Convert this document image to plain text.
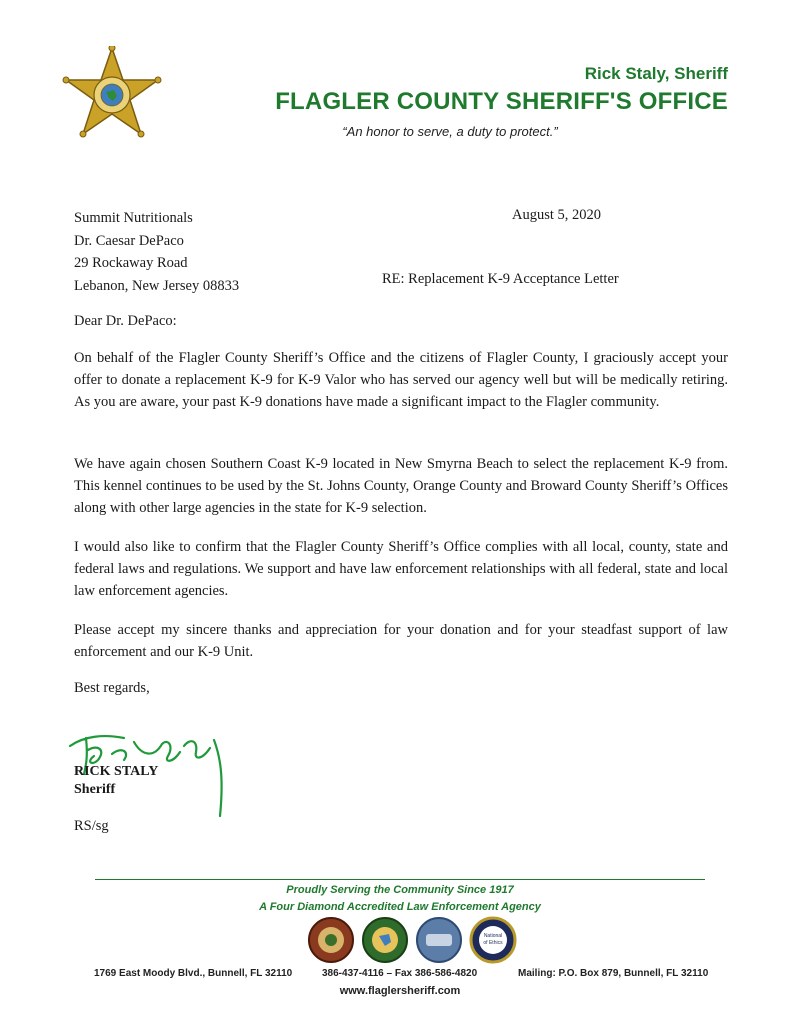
Rick Staly, Sheriff
FLAGLER COUNTY SHERIFF'S OFFICE
“An honor to serve, a duty to protect.”
Summit Nutritionals
Dr. Caesar DePaco
29 Rockaway Road
Lebanon, New Jersey 08833
August 5, 2020
RE: Replacement K-9 Acceptance Letter
Dear Dr. DePaco:
On behalf of the Flagler County Sheriff’s Office and the citizens of Flagler County, I graciously accept your offer to donate a replacement K-9 for K-9 Valor who has served our agency well but will be medically retiring. As you are aware, your past K-9 donations have made a significant impact to the Flagler community.
We have again chosen Southern Coast K-9 located in New Smyrna Beach to select the replacement K-9 from. This kennel continues to be used by the St. Johns County, Orange County and Broward County Sheriff’s Offices along with other large agencies in the state for K-9 selection.
I would also like to confirm that the Flagler County Sheriff’s Office complies with all local, county, state and federal laws and regulations. We support and have law enforcement relationships with all federal, state and local law enforcement agencies.
Please accept my sincere thanks and appreciation for your donation and for your steadfast support of law enforcement and our K-9 Unit.
Best regards,
RICK STALY
Sheriff
RS/sg
Proudly Serving the Community Since 1917
A Four Diamond Accredited Law Enforcement Agency
National
of Ethics
1769 East Moody Blvd., Bunnell, FL 32110	386-437-4116 – Fax 386-586-4820	Mailing: P.O. Box 879, Bunnell, FL 32110
www.flaglersheriff.com
